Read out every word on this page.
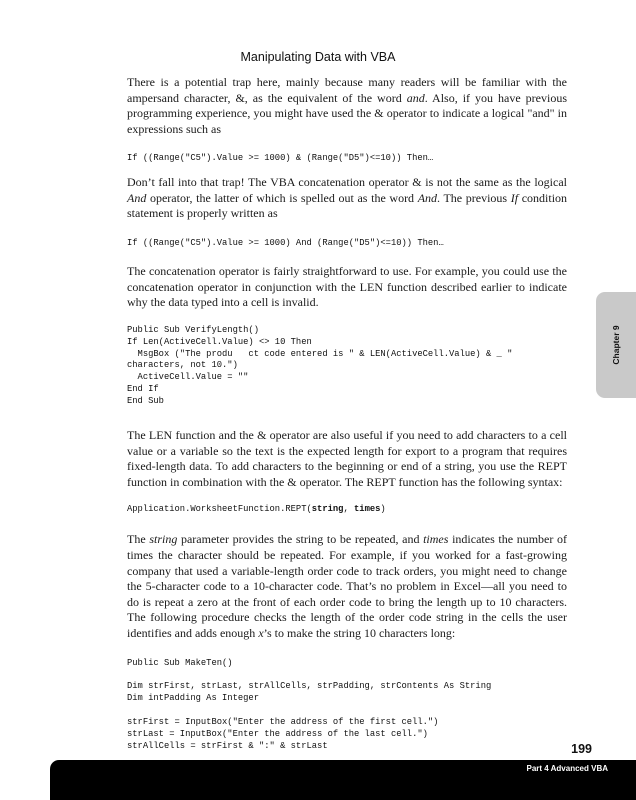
Manipulating Data with VBA

There is a potential trap here, mainly because many readers will be familiar with the ampersand character, &, as the equivalent of the word and. Also, if you have previous programming experience, you might have used the & operator to indicate a logical "and" in expressions such as

If ((Range("C5").Value >= 1000) & (Range("D5")<=10)) Then…

Don’t fall into that trap! The VBA concatenation operator & is not the same as the logical And operator, the latter of which is spelled out as the word And. The previous If condition statement is properly written as

If ((Range("C5").Value >= 1000) And (Range("D5")<=10)) Then…

The concatenation operator is fairly straightforward to use. For example, you could use the concatenation operator in conjunction with the LEN function described earlier to indicate why the data typed into a cell is invalid.

Public Sub VerifyLength()
If Len(ActiveCell.Value) <> 10 Then
MsgBox ("The produ   ct code entered is " & LEN(ActiveCell.Value) & _ "
characters, not 10.")
ActiveCell.Value = ""
End If
End Sub

The LEN function and the & operator are also useful if you need to add characters to a cell value or a variable so the text is the expected length for export to a program that requires fixed-length data. To add characters to the beginning or end of a string, you use the REPT function in combination with the & operator. The REPT function has the following syntax:

Application.WorksheetFunction.REPT(string, times)

The string parameter provides the string to be repeated, and times indicates the number of times the character should be repeated. For example, if you worked for a fast-growing company that used a variable-length order code to track orders, you might need to change the 5-character code to a 10-character code. That’s no problem in Excel—all you need to do is repeat a zero at the front of each order code to bring the length up to 10 characters. The following procedure checks the length of the order code string in the cells the user identifies and adds enough x’s to make the string 10 characters long:

Public Sub MakeTen()
Dim strFirst, strLast, strAllCells, strPadding, strContents As String
Dim intPadding As Integer
strFirst = InputBox("Enter the address of the first cell.")
strLast = InputBox("Enter the address of the last cell.")
strAllCells = strFirst & ":" & strLast
Chapter 9
199
Part 4 Advanced VBA
